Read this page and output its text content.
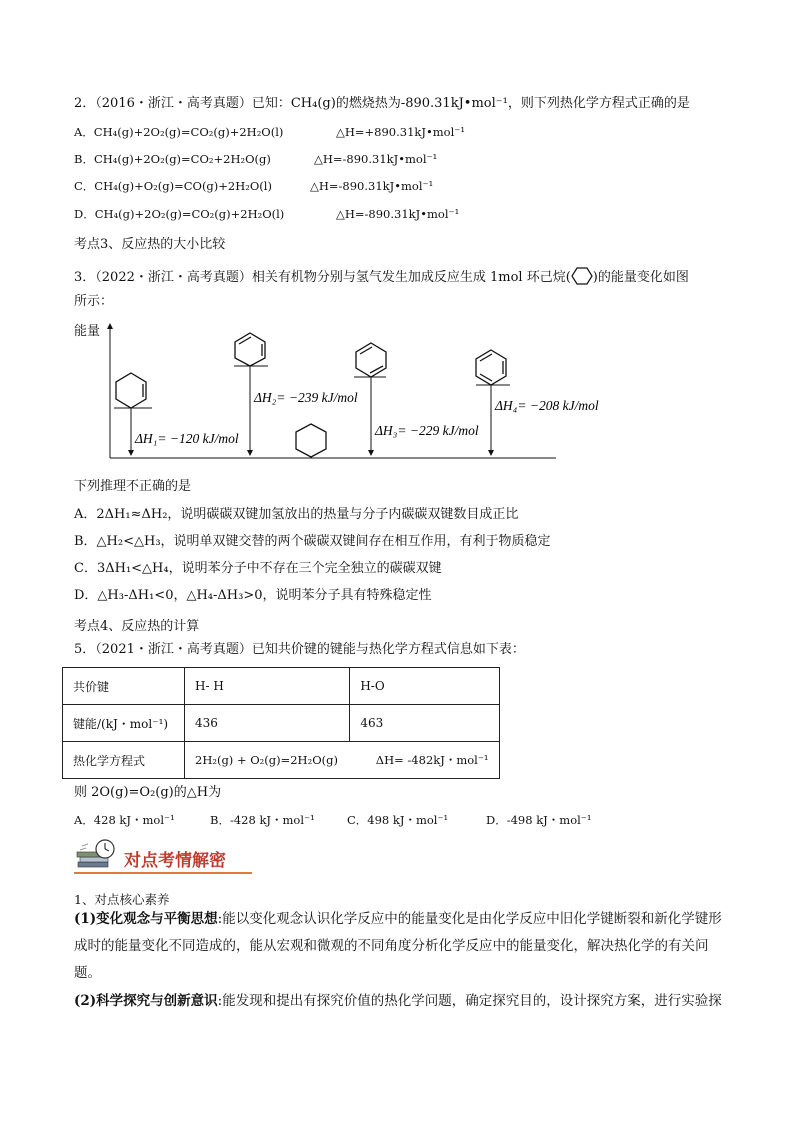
2．（2016・浙江・高考真题）已知：CH₄(g)的燃烧热为-890.31kJ•mol⁻¹，则下列热化学方程式正确的是
A．CH₄(g)+2O₂(g)=CO₂(g)+2H₂O(l)	△H=+890.31kJ•mol⁻¹
B．CH₄(g)+2O₂(g)=CO₂+2H₂O(g)	△H=-890.31kJ•mol⁻¹
C．CH₄(g)+O₂(g)=CO(g)+2H₂O(l)	△H=-890.31kJ•mol⁻¹
D．CH₄(g)+2O₂(g)=CO₂(g)+2H₂O(l)	△H=-890.31kJ•mol⁻¹
考点3、反应热的大小比较
3．（2022・浙江・高考真题）相关有机物分别与氢气发生加成反应生成 1mol 环己烷( )的能量变化如图
所示：
能量
ΔH₁= −120 kJ/mol
ΔH₂= −239 kJ/mol
ΔH₃= −229 kJ/mol
ΔH₄= −208 kJ/mol
下列推理不正确的是
A．2ΔH₁≈ΔH₂，说明碳碳双键加氢放出的热量与分子内碳碳双键数目成正比
B．△H₂<△H₃，说明单双键交替的两个碳碳双键间存在相互作用，有利于物质稳定
C．3ΔH₁<△H₄，说明苯分子中不存在三个完全独立的碳碳双键
D．△H₃-ΔH₁<0，△H₄-ΔH₃>0，说明苯分子具有特殊稳定性
考点4、反应热的计算
5．（2021・浙江・高考真题）已知共价键的键能与热化学方程式信息如下表：
共价键	H- H	H-O
键能/(kJ・mol⁻¹)	436	463
热化学方程式	2H₂(g) + O₂(g)=2H₂O(g) ΔH= -482kJ・mol⁻¹	
则 2O(g)=O₂(g)的△H为
A．428 kJ・mol⁻¹	B．-428 kJ・mol⁻¹	C．498 kJ・mol⁻¹	D．-498 kJ・mol⁻¹
对点考情解密
1、对点核心素养
(1)变化观念与平衡思想:能以变化观念认识化学反应中的能量变化是由化学反应中旧化学键断裂和新化学键形成时的能量变化不同造成的，能从宏观和微观的不同角度分析化学反应中的能量变化，解决热化学的有关问题。
(2)科学探究与创新意识:能发现和提出有探究价值的热化学问题，确定探究目的，设计探究方案，进行实验探
